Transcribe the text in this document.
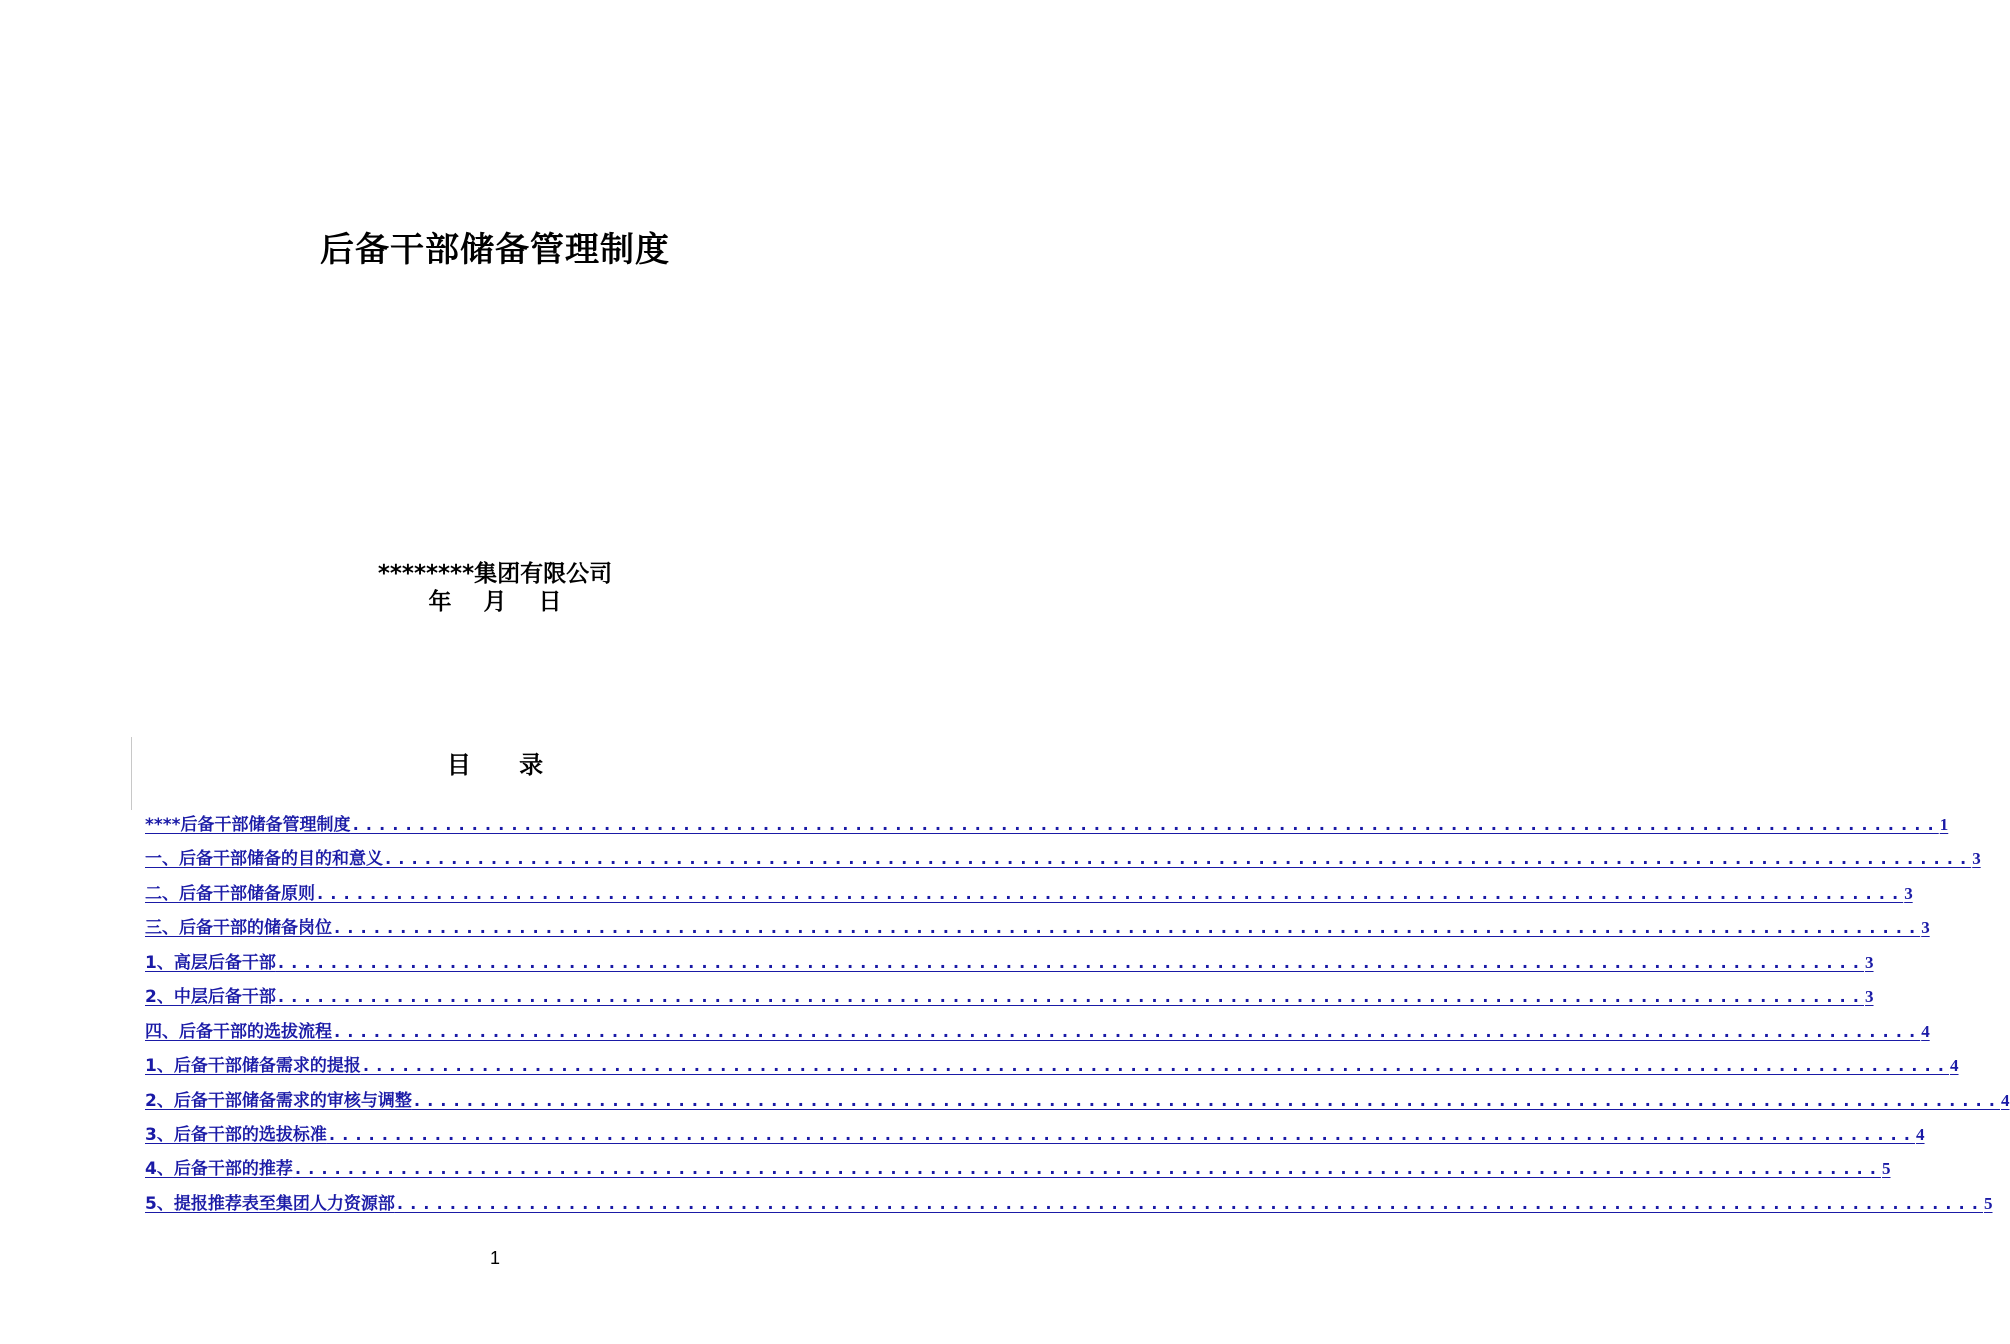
后备干部储备管理制度
********集团有限公司
年 月 日
目 录
****后备干部储备管理制度 ........................................................................................................................ 1
一、后备干部储备的目的和意义 ........................................................................................................................ 3
二、后备干部储备原则 ........................................................................................................................ 3
三、后备干部的储备岗位 ........................................................................................................................ 3
1、高层后备干部 ........................................................................................................................ 3
2、中层后备干部 ........................................................................................................................ 3
四、后备干部的选拔流程 ........................................................................................................................ 4
1、后备干部储备需求的提报 ........................................................................................................................ 4
2、后备干部储备需求的审核与调整 ........................................................................................................................ 4
3、后备干部的选拔标准 ........................................................................................................................ 4
4、后备干部的推荐 ........................................................................................................................ 5
5、提报推荐表至集团人力资源部 ........................................................................................................................ 5
1
